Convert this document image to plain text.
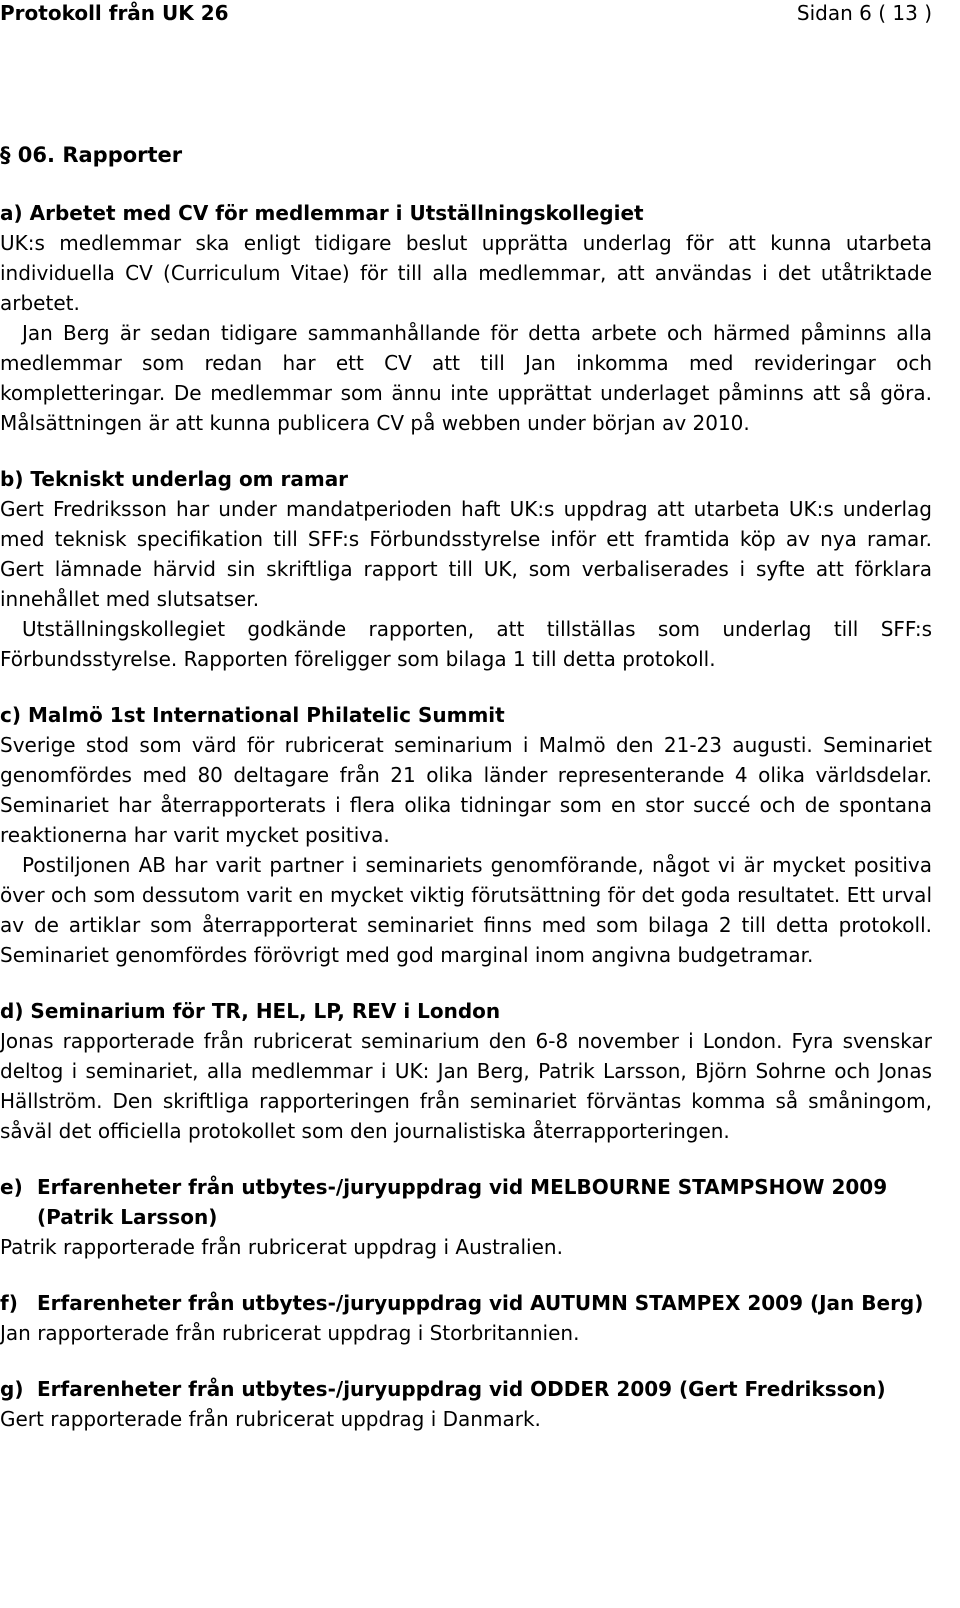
Protokoll från UK 26	Sidan 6 ( 13 )
§ 06. Rapporter
a) Arbetet med CV för medlemmar i Utställningskollegiet

UK:s medlemmar ska enligt tidigare beslut upprätta underlag för att kunna utarbeta individuella CV (Curriculum Vitae) för till alla medlemmar, att användas i det utåtriktade arbetet.

Jan Berg är sedan tidigare sammanhållande för detta arbete och härmed påminns alla medlemmar som redan har ett CV att till Jan inkomma med revideringar och kompletteringar. De medlemmar som ännu inte upprättat underlaget påminns att så göra. Målsättningen är att kunna publicera CV på webben under början av 2010.

b) Tekniskt underlag om ramar

Gert Fredriksson har under mandatperioden haft UK:s uppdrag att utarbeta UK:s underlag med teknisk specifikation till SFF:s Förbundsstyrelse inför ett framtida köp av nya ramar. Gert lämnade härvid sin skriftliga rapport till UK, som verbaliserades i syfte att förklara innehållet med slutsatser.

Utställningskollegiet godkände rapporten, att tillställas som underlag till SFF:s Förbundsstyrelse. Rapporten föreligger som bilaga 1 till detta protokoll.

c) Malmö 1st International Philatelic Summit

Sverige stod som värd för rubricerat seminarium i Malmö den 21-23 augusti. Seminariet genomfördes med 80 deltagare från 21 olika länder representerande 4 olika världsdelar. Seminariet har återrapporterats i flera olika tidningar som en stor succé och de spontana reaktionerna har varit mycket positiva.

Postiljonen AB har varit partner i seminariets genomförande, något vi är mycket positiva över och som dessutom varit en mycket viktig förutsättning för det goda resultatet. Ett urval av de artiklar som återrapporterat seminariet finns med som bilaga 2 till detta protokoll. Seminariet genomfördes förövrigt med god marginal inom angivna budgetramar.

d) Seminarium för TR, HEL, LP, REV i London

Jonas rapporterade från rubricerat seminarium den 6-8 november i London. Fyra svenskar deltog i seminariet, alla medlemmar i UK: Jan Berg, Patrik Larsson, Björn Sohrne och Jonas Hällström. Den skriftliga rapporteringen från seminariet förväntas komma så småningom, såväl det officiella protokollet som den journalistiska återrapporteringen.

e) Erfarenheter från utbytes-/juryuppdrag vid MELBOURNE STAMPSHOW 2009 (Patrik Larsson)

Patrik rapporterade från rubricerat uppdrag i Australien.

f) Erfarenheter från utbytes-/juryuppdrag vid AUTUMN STAMPEX 2009 (Jan Berg)

Jan rapporterade från rubricerat uppdrag i Storbritannien.

g) Erfarenheter från utbytes-/juryuppdrag vid ODDER 2009 (Gert Fredriksson)

Gert rapporterade från rubricerat uppdrag i Danmark.
